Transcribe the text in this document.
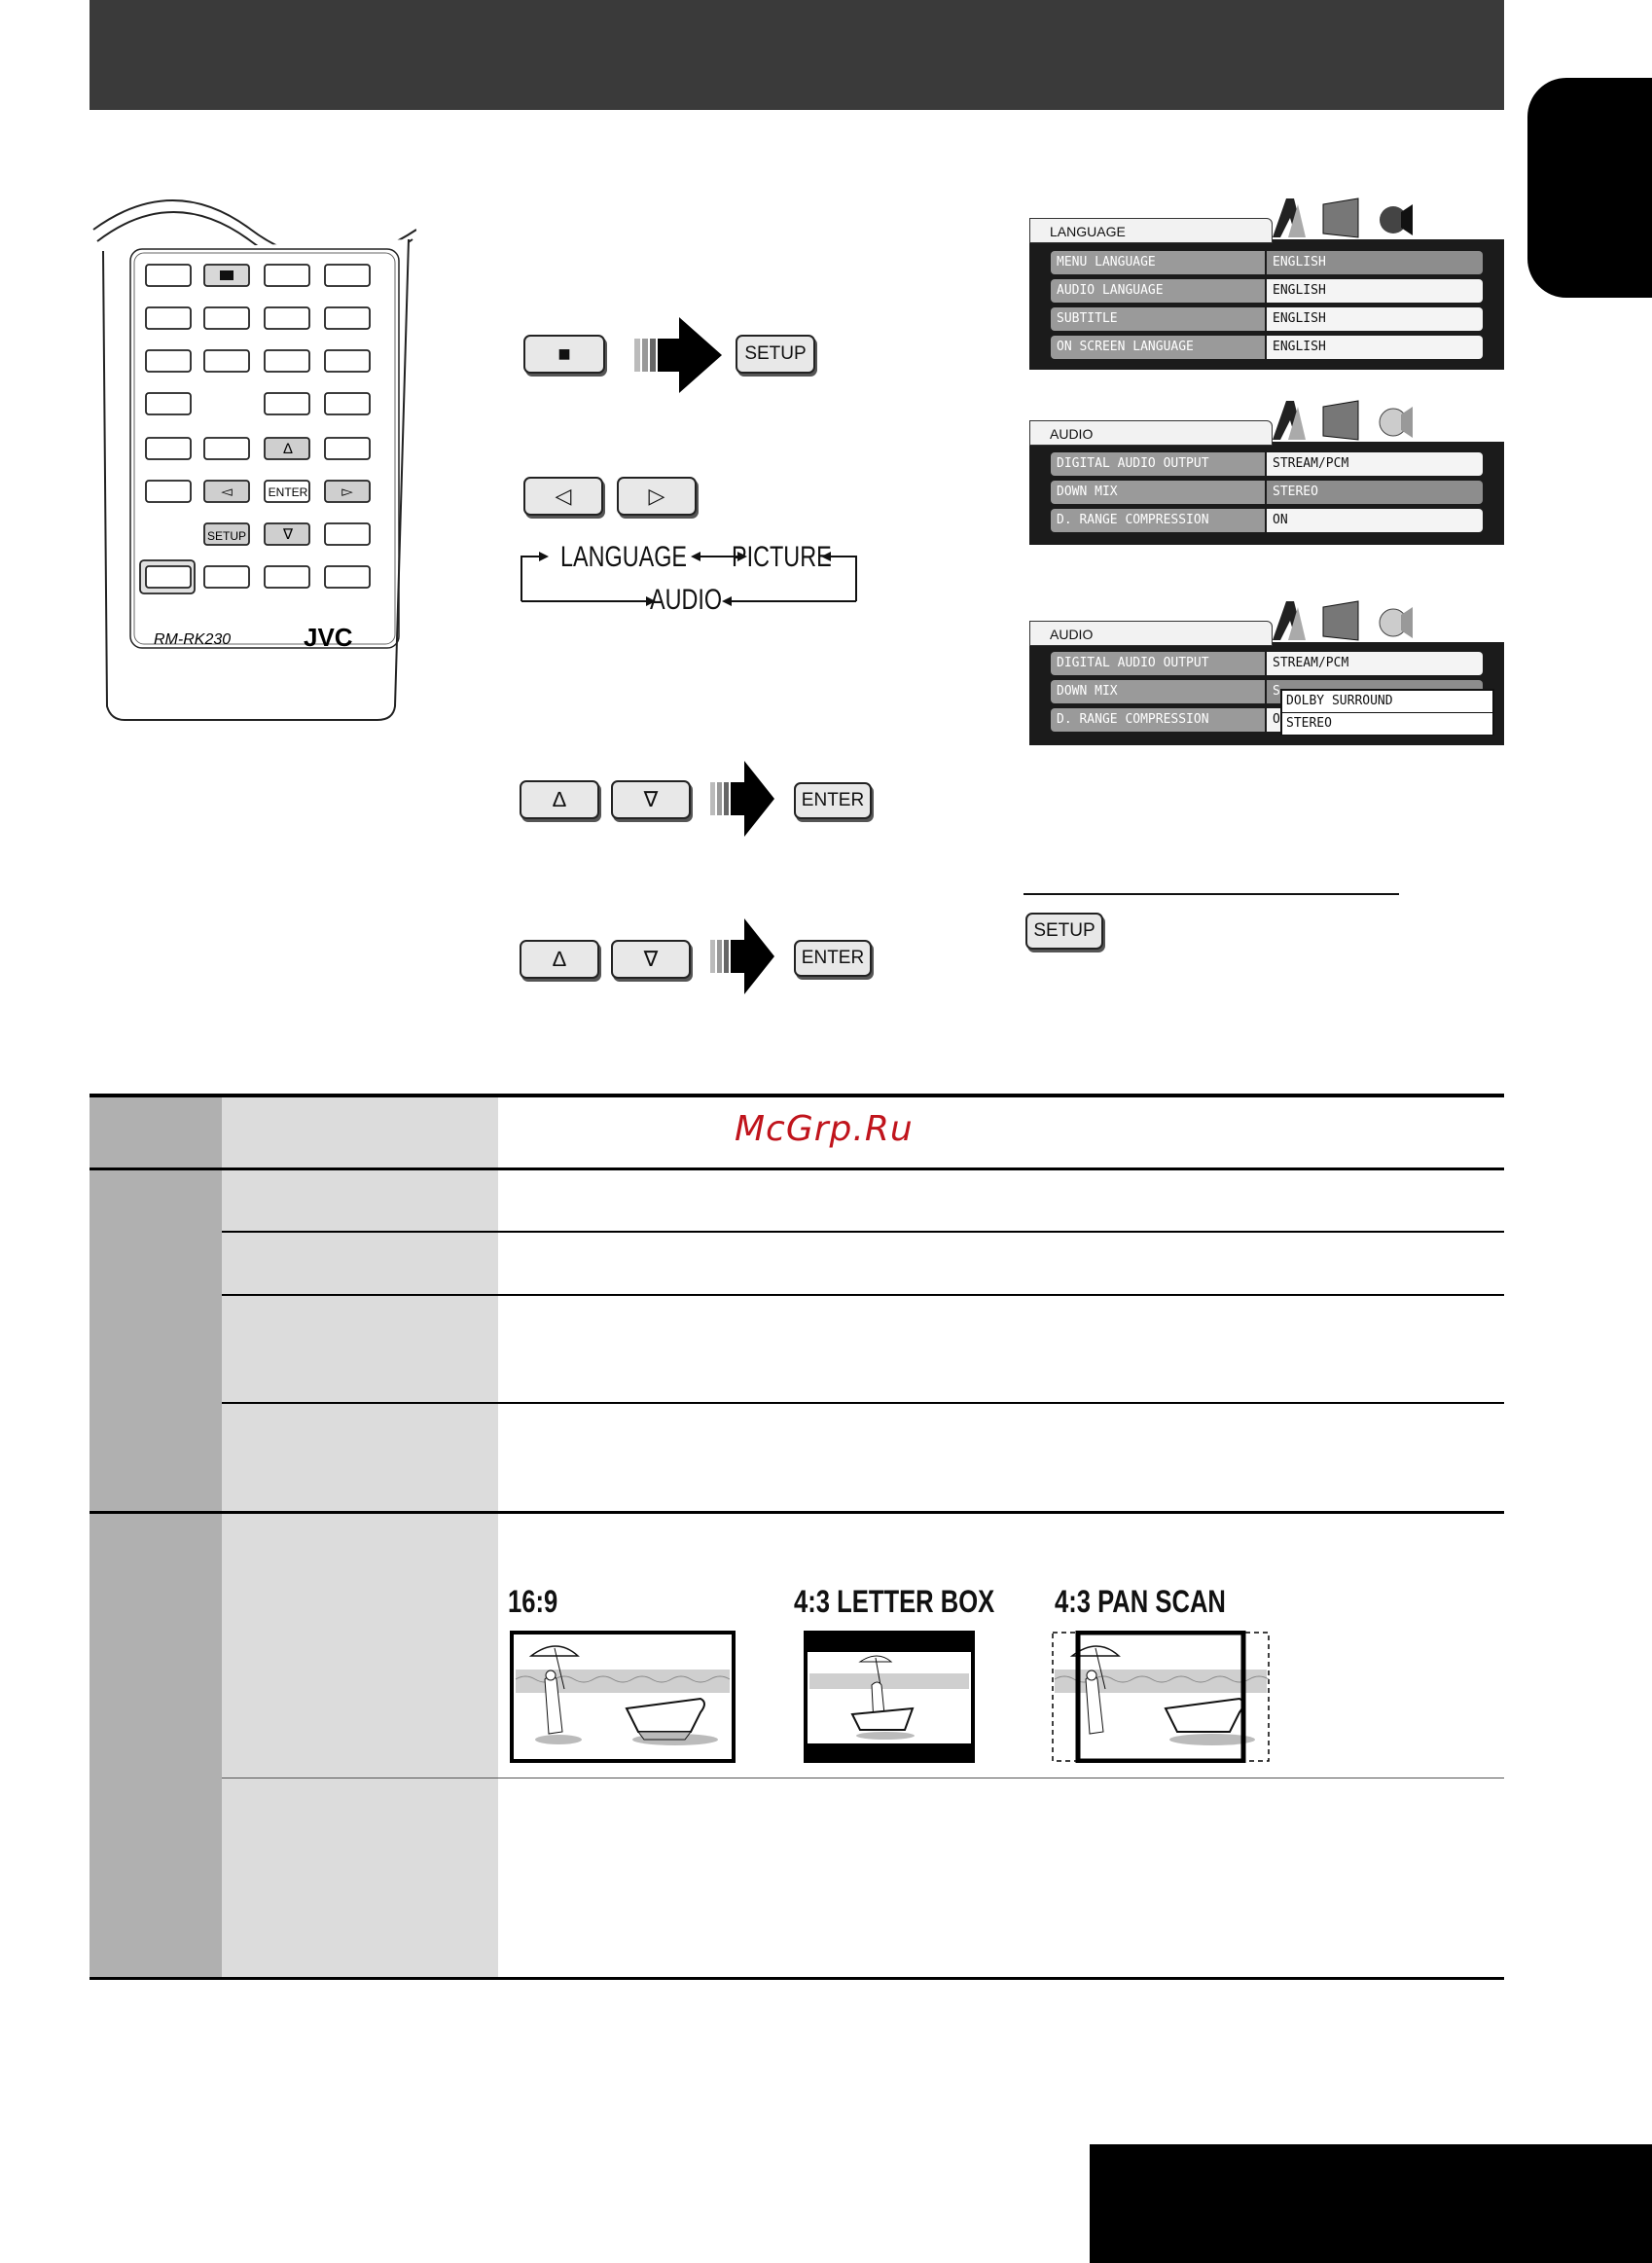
ENTER
SETUP
∆
∇
◅	▻
RM-RK230	JVC
■	SETUP
◁	▷
LANGUAGE PICTURE
AUDIO
∆	∇	ENTER
∆	∇	ENTER
LANGUAGE
MENU LANGUAGE	ENGLISH
AUDIO LANGUAGE	ENGLISH
SUBTITLE	ENGLISH
ON SCREEN LANGUAGE	ENGLISH
AUDIO
DIGITAL AUDIO OUTPUT	STREAM/PCM
DOWN MIX	STEREO
D. RANGE COMPRESSION	ON
AUDIO
DIGITAL AUDIO OUTPUT	STREAM/PCM
DOWN MIX	S
D. RANGE COMPRESSION	O
DOLBY SURROUND
STEREO
SETUP
McGrp.Ru
16:9	4:3 LETTER BOX 4:3 PAN SCAN
